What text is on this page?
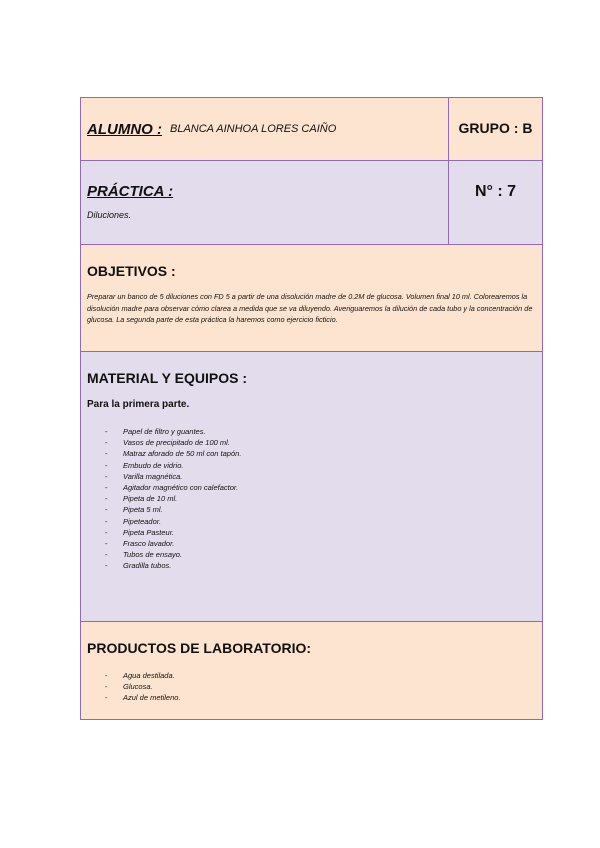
ALUMNO : BLANCA AINHOA LORES CAIÑO	GRUPO : B
PRÁCTICA :
Diluciones.
N° : 7
OBJETIVOS :
Preparar un banco de 5 diluciones con FD 5 a partir de una disolución madre de 0.2M de glucosa. Volumen final 10 ml. Colorearemos la disolución madre para observar cómo clarea a medida que se va diluyendo. Averiguaremos la dilución de cada tubo y la concentración de glucosa. La segunda parte de esta práctica la haremos como ejercicio ficticio.
MATERIAL Y EQUIPOS :
Para la primera parte.
- Papel de filtro y guantes.
- Vasos de precipitado de 100 ml.
- Matraz aforado de 50 ml con tapón.
- Embudo de vidrio.
- Varilla magnética.
- Agitador magnético con calefactor.
- Pipeta de 10 ml.
- Pipeta 5 ml.
- Pipeteador.
- Pipeta Pasteur.
- Frasco lavador.
- Tubos de ensayo.
- Gradilla tubos.
PRODUCTOS DE LABORATORIO:
- Agua destilada.
- Glucosa.
- Azul de metileno.
